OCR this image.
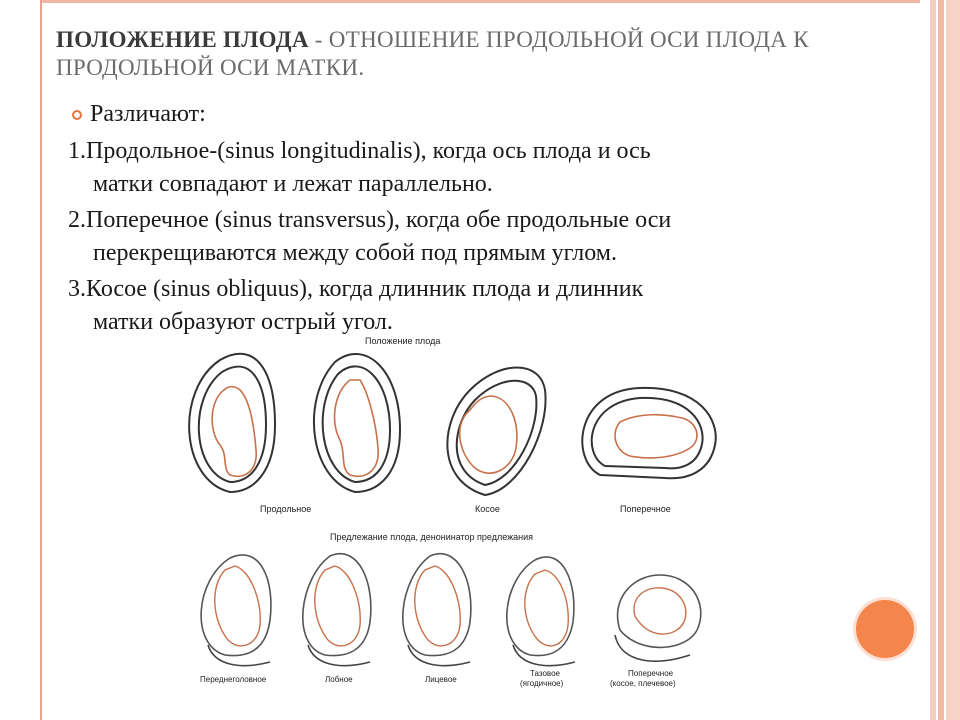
ПОЛОЖЕНИЕ ПЛОДА - ОТНОШЕНИЕ ПРОДОЛЬНОЙ ОСИ ПЛОДА К ПРОДОЛЬНОЙ ОСИ МАТКИ.
Различают:
1.Продольное-(sinus longitudinalis), когда ось плода и ось
матки совпадают и лежат параллельно.
2.Поперечное (sinus transversus), когда обе продольные оси
перекрещиваются между собой под прямым углом.
3.Косое (sinus obliquus), когда длинник плода и длинник
матки образуют острый угол.
Положение плода
Продольное	Косое	Поперечное
Предлежание плода, денонинатор предлежания
Переднеголовное	Лобное	Лицевое
Тазовое
(ягодичное)
Поперечное
(косое, плечевое)
